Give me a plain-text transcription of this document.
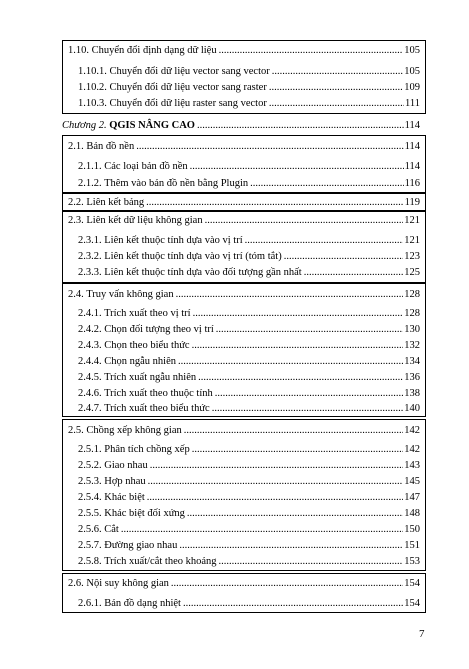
1.10. Chuyển đổi định dạng dữ liệu .....	105
1.10.1. Chuyển đổi dữ liệu vector sang vector .....	105
1.10.2. Chuyển đổi dữ liệu vector sang raster .....	109
1.10.3. Chuyển đổi dữ liệu raster sang vector .....	111
Chương 2. QGIS NÂNG CAO .....	114
2.1. Bản đồ nền .....	114
2.1.1. Các loại bản đồ nền .....	114
2.1.2. Thêm vào bản đồ nền bằng Plugin .....	116
2.2. Liên kết bảng .....	119
2.3. Liên kết dữ liệu không gian .....	121
2.3.1. Liên kết thuộc tính dựa vào vị trí .....	121
2.3.2. Liên kết thuộc tính dựa vào vị trí (tóm tắt) .....	123
2.3.3. Liên kết thuộc tính dựa vào đối tượng gần nhất .....	125
2.4. Truy vấn không gian .....	128
2.4.1. Trích xuất theo vị trí .....	128
2.4.2. Chọn đối tượng theo vị trí .....	130
2.4.3. Chọn theo biểu thức .....	132
2.4.4. Chọn ngẫu nhiên .....	134
2.4.5. Trích xuất ngẫu nhiên .....	136
2.4.6. Trích xuất theo thuộc tính .....	138
2.4.7. Trích xuất theo biểu thức .....	140
2.5. Chồng xếp không gian .....	142
2.5.1. Phân tích chồng xếp .....	142
2.5.2. Giao nhau .....	143
2.5.3. Hợp nhau .....	145
2.5.4. Khác biệt .....	147
2.5.5. Khác biệt đối xứng .....	148
2.5.6. Cắt .....	150
2.5.7. Đường giao nhau .....	151
2.5.8. Trích xuất/cắt theo khoảng .....	153
2.6. Nội suy không gian .....	154
2.6.1. Bản đồ dạng nhiệt .....	154
7
